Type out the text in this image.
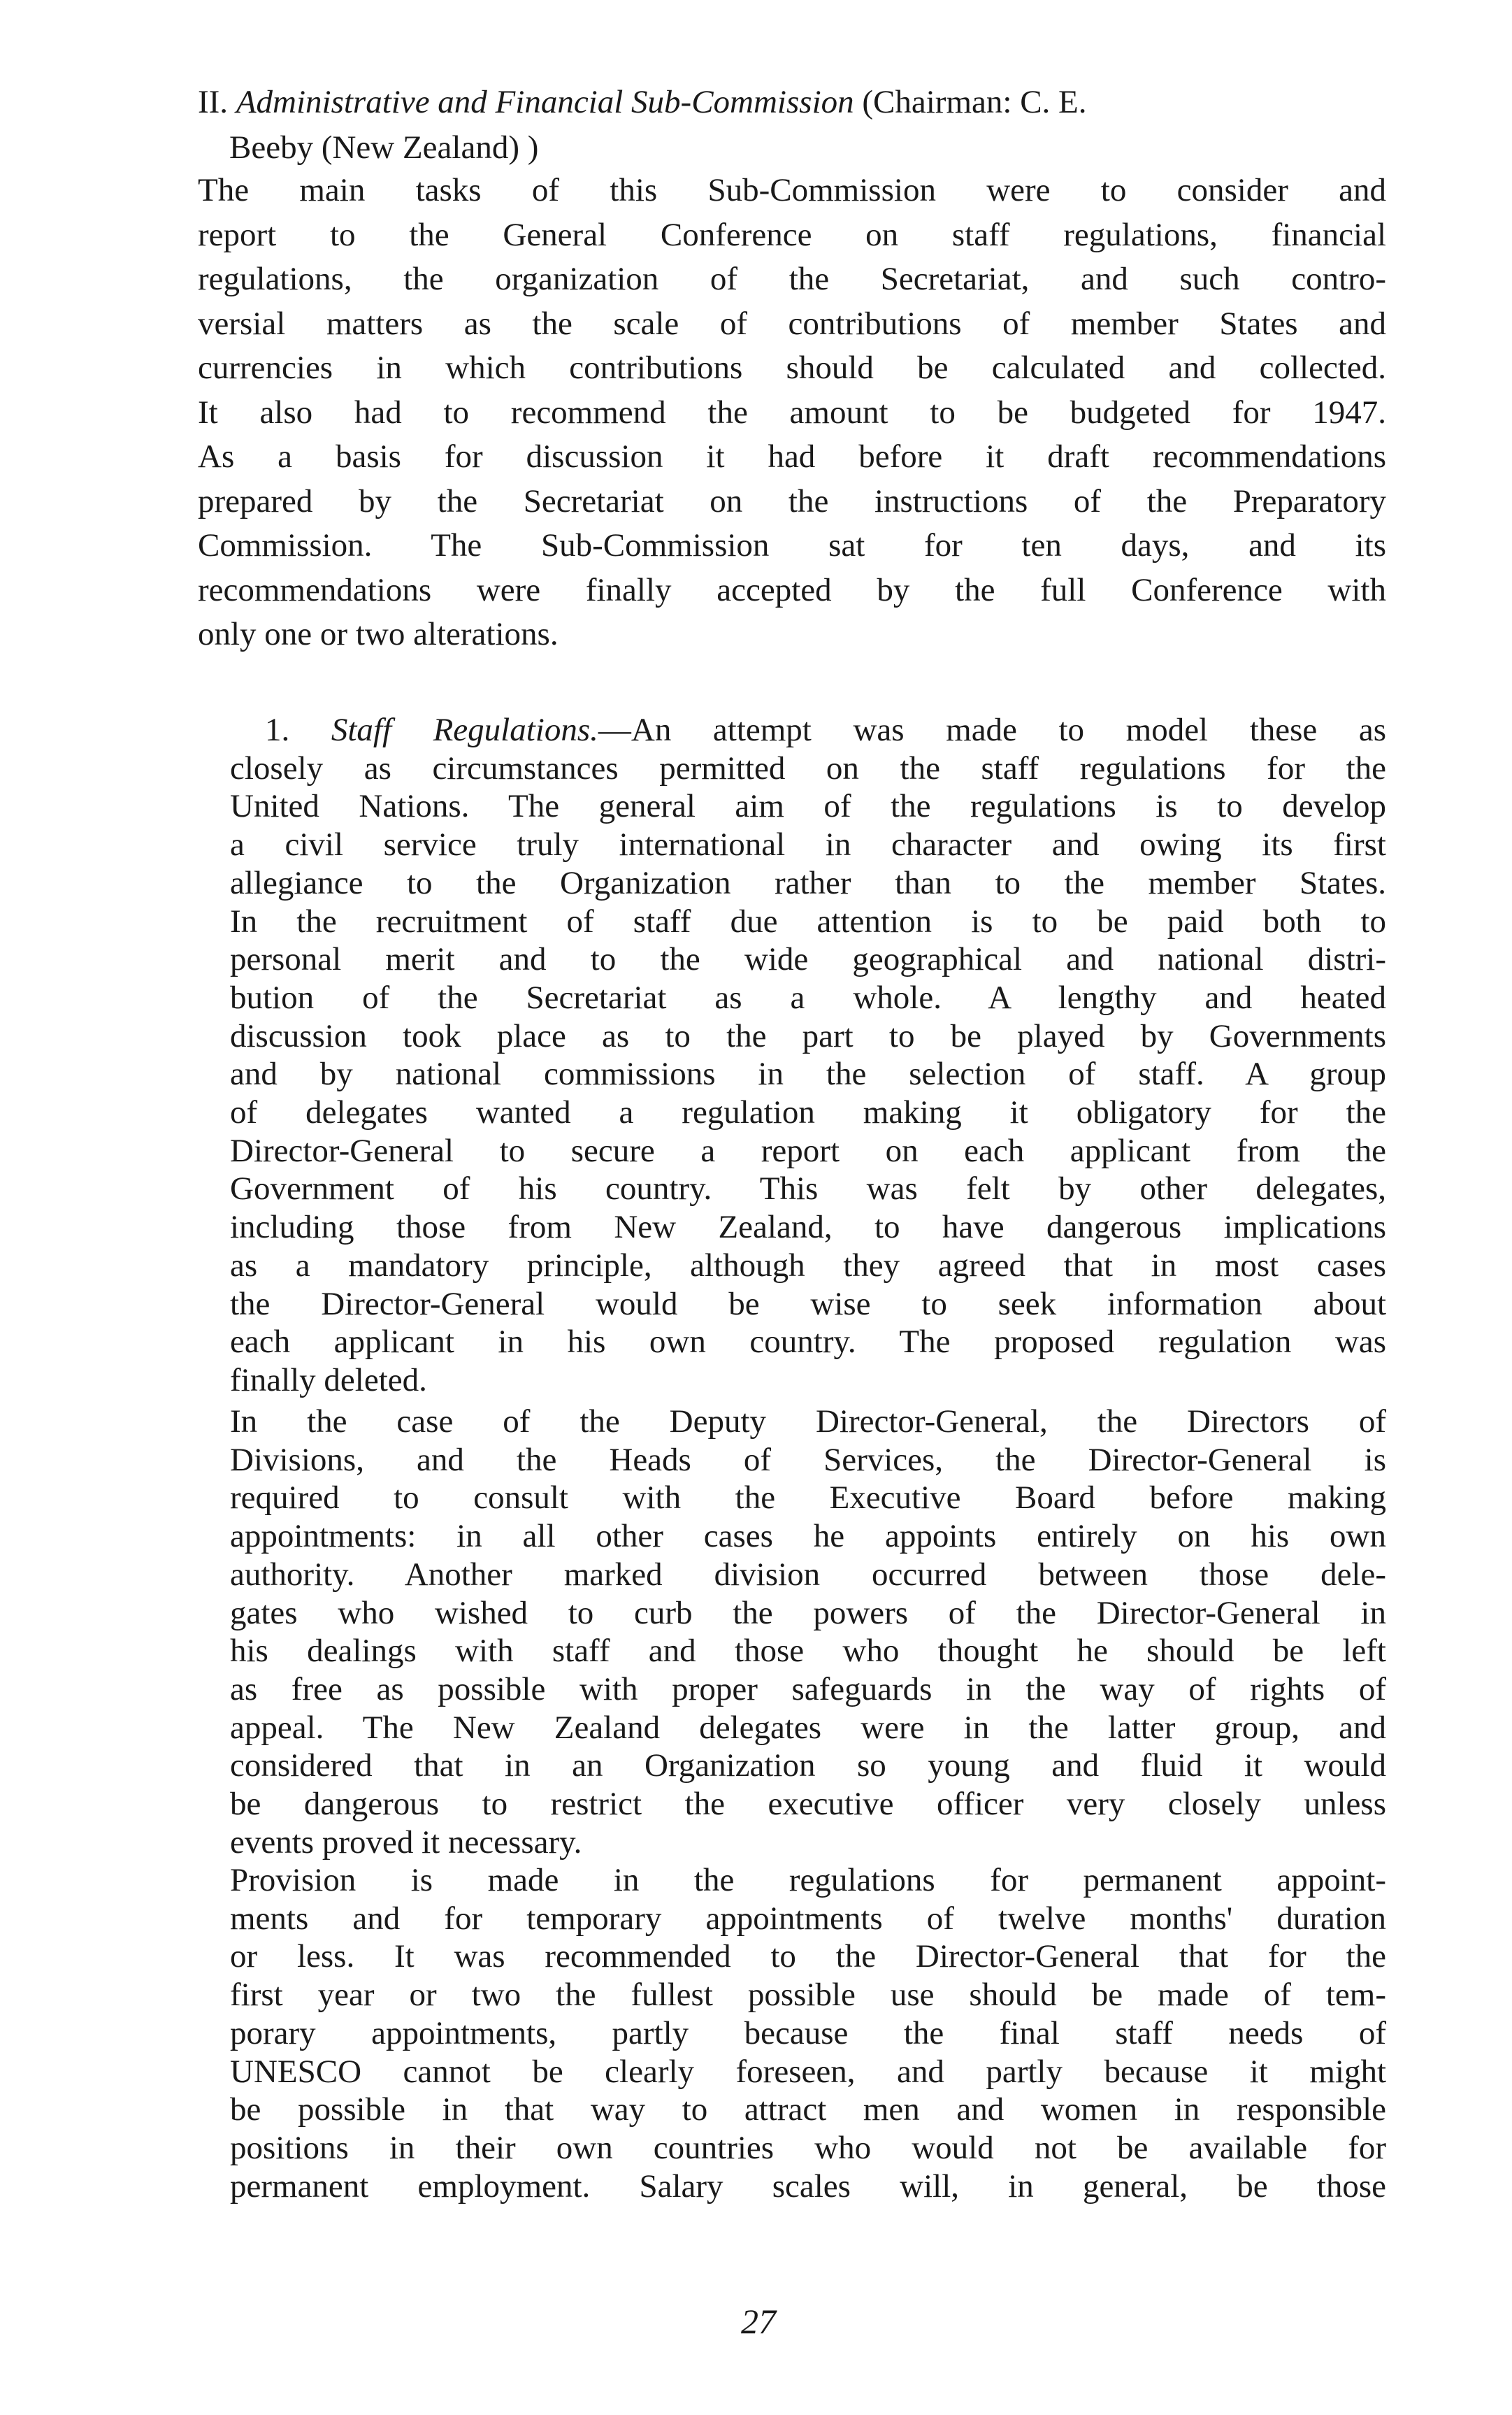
II. Administrative and Financial Sub-Commission (Chairman: C. E.
Beeby (New Zealand) )
The main tasks of this Sub-Commission were to consider and
report to the General Conference on staff regulations, financial
regulations, the organization of the Secretariat, and such contro-
versial matters as the scale of contributions of member States and
currencies in which contributions should be calculated and collected.
It also had to recommend the amount to be budgeted for 1947.
As a basis for discussion it had before it draft recommendations
prepared by the Secretariat on the instructions of the Preparatory
Commission. The Sub-Commission sat for ten days, and its
recommendations were finally accepted by the full Conference with
only one or two alterations.
1. Staff Regulations.—An attempt was made to model these as
closely as circumstances permitted on the staff regulations for the
United Nations. The general aim of the regulations is to develop
a civil service truly international in character and owing its first
allegiance to the Organization rather than to the member States.
In the recruitment of staff due attention is to be paid both to
personal merit and to the wide geographical and national distri-
bution of the Secretariat as a whole. A lengthy and heated
discussion took place as to the part to be played by Governments
and by national commissions in the selection of staff. A group
of delegates wanted a regulation making it obligatory for the
Director-General to secure a report on each applicant from the
Government of his country. This was felt by other delegates,
including those from New Zealand, to have dangerous implications
as a mandatory principle, although they agreed that in most cases
the Director-General would be wise to seek information about
each applicant in his own country. The proposed regulation was
finally deleted.
In the case of the Deputy Director-General, the Directors of
Divisions, and the Heads of Services, the Director-General is
required to consult with the Executive Board before making
appointments: in all other cases he appoints entirely on his own
authority. Another marked division occurred between those dele-
gates who wished to curb the powers of the Director-General in
his dealings with staff and those who thought he should be left
as free as possible with proper safeguards in the way of rights of
appeal. The New Zealand delegates were in the latter group, and
considered that in an Organization so young and fluid it would
be dangerous to restrict the executive officer very closely unless
events proved it necessary.
Provision is made in the regulations for permanent appoint-
ments and for temporary appointments of twelve months' duration
or less. It was recommended to the Director-General that for the
first year or two the fullest possible use should be made of tem-
porary appointments, partly because the final staff needs of
UNESCO cannot be clearly foreseen, and partly because it might
be possible in that way to attract men and women in responsible
positions in their own countries who would not be available for
permanent employment. Salary scales will, in general, be those
27
